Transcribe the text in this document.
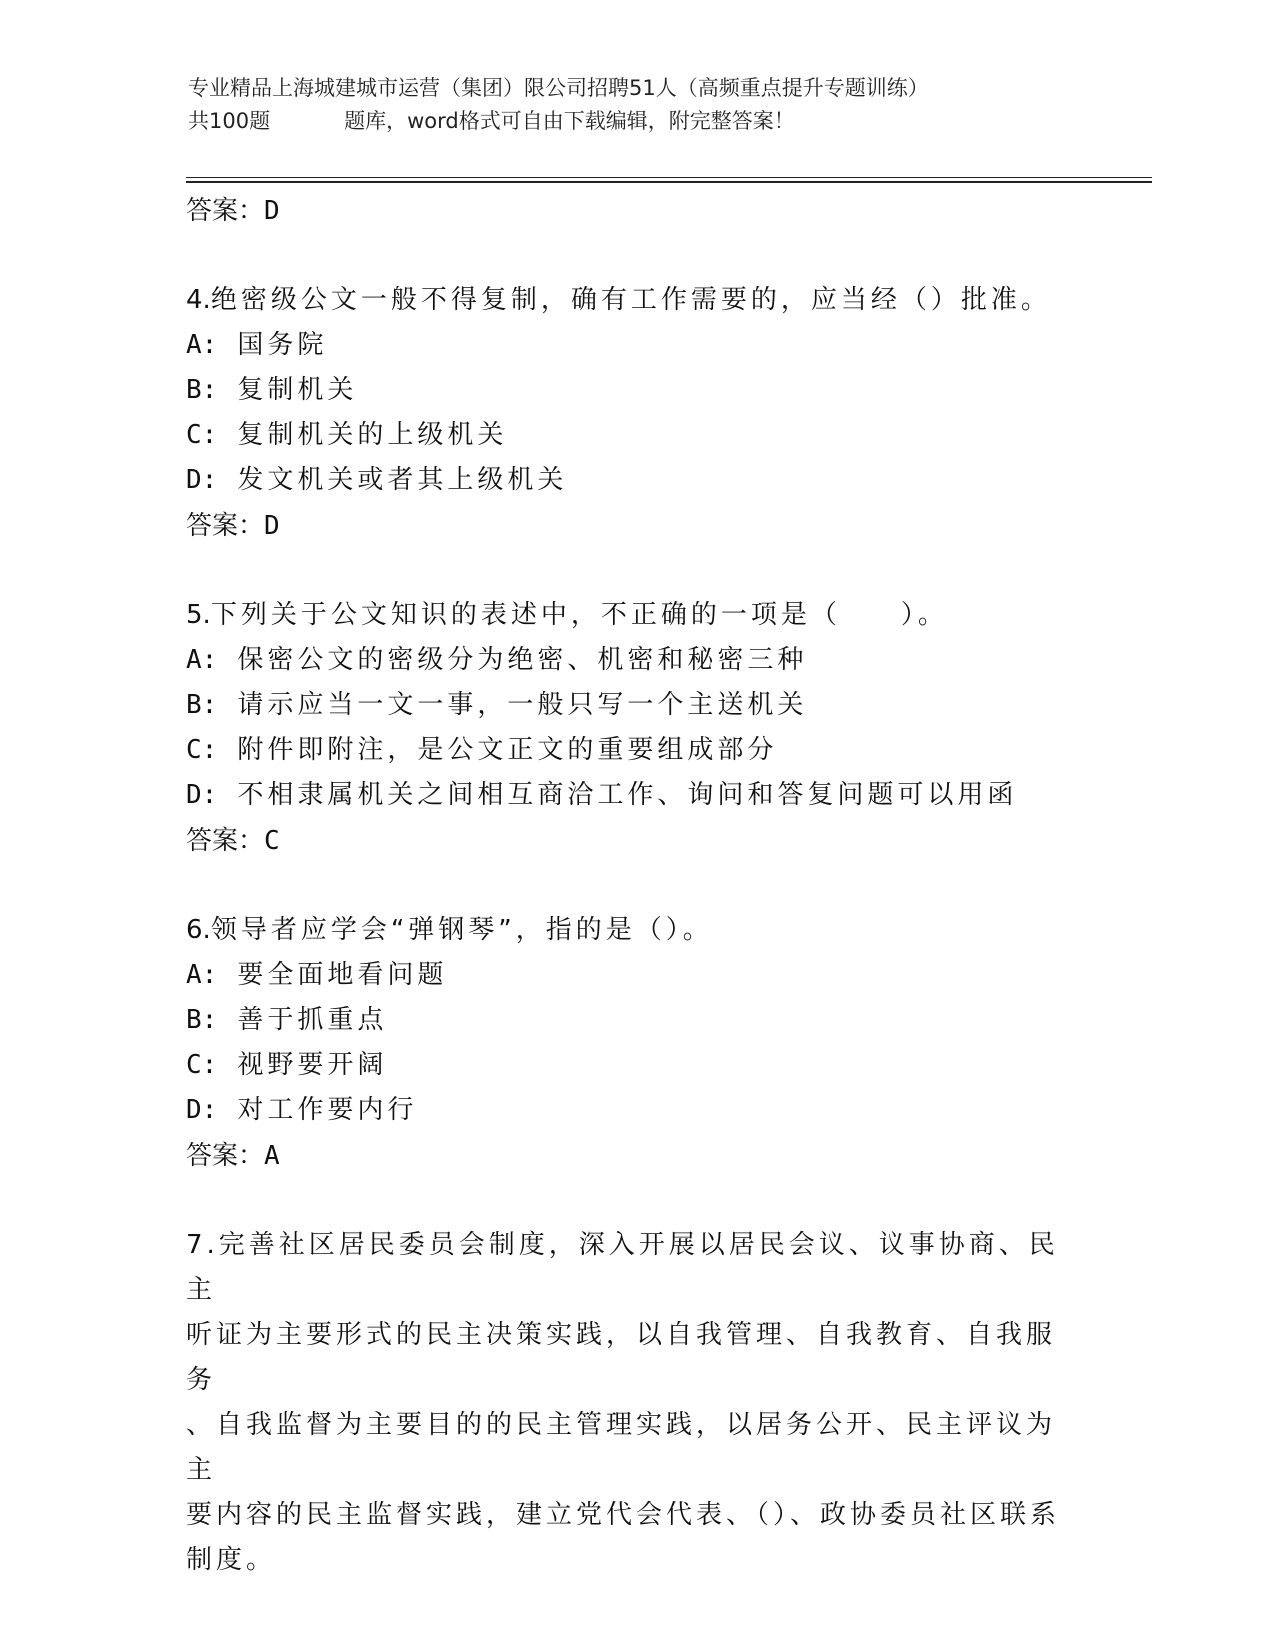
专业精品上海城建城市运营（集团）限公司招聘51人（高频重点提升专题训练）
共100题	题库，word格式可自由下载编辑，附完整答案！
答案：D
4.绝密级公文一般不得复制，确有工作需要的，应当经（）批准。
A: 国务院
B: 复制机关
C: 复制机关的上级机关
D: 发文机关或者其上级机关
答案：D
5.下列关于公文知识的表述中，不正确的一项是（　　）。
A: 保密公文的密级分为绝密、机密和秘密三种
B: 请示应当一文一事，一般只写一个主送机关
C: 附件即附注，是公文正文的重要组成部分
D: 不相隶属机关之间相互商洽工作、询问和答复问题可以用函
答案：C
6.领导者应学会“弹钢琴”，指的是（）。
A: 要全面地看问题
B: 善于抓重点
C: 视野要开阔
D: 对工作要内行
答案：A
7.完善社区居民委员会制度，深入开展以居民会议、议事协商、民主
听证为主要形式的民主决策实践，以自我管理、自我教育、自我服务
、自我监督为主要目的的民主管理实践，以居务公开、民主评议为主
要内容的民主监督实践，建立党代会代表、（）、政协委员社区联系
制度。
